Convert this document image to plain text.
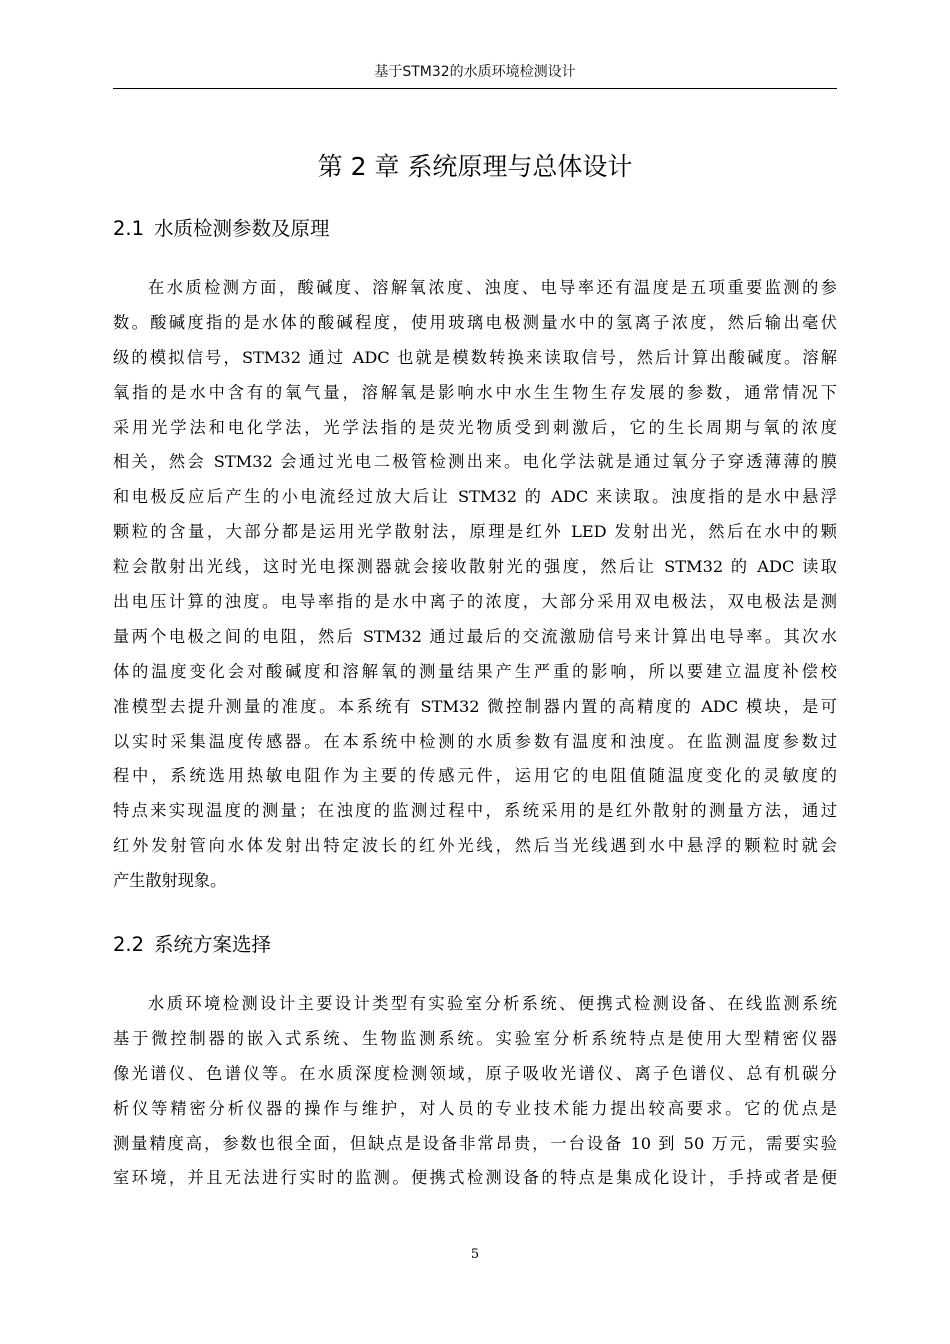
基于STM32的水质环境检测设计
第 2 章 系统原理与总体设计
2.1 水质检测参数及原理
在水质检测方面，酸碱度、溶解氧浓度、浊度、电导率还有温度是五项重要监测的参
数。酸碱度指的是水体的酸碱程度，使用玻璃电极测量水中的氢离子浓度，然后输出毫伏
级的模拟信号，STM32 通过 ADC 也就是模数转换来读取信号，然后计算出酸碱度。溶解
氧指的是水中含有的氧气量，溶解氧是影响水中水生生物生存发展的参数，通常情况下
采用光学法和电化学法，光学法指的是荧光物质受到刺激后，它的生长周期与氧的浓度
相关，然会 STM32 会通过光电二极管检测出来。电化学法就是通过氧分子穿透薄薄的膜
和电极反应后产生的小电流经过放大后让 STM32 的 ADC 来读取。浊度指的是水中悬浮
颗粒的含量，大部分都是运用光学散射法，原理是红外 LED 发射出光，然后在水中的颗
粒会散射出光线，这时光电探测器就会接收散射光的强度，然后让 STM32 的 ADC 读取
出电压计算的浊度。电导率指的是水中离子的浓度，大部分采用双电极法，双电极法是测
量两个电极之间的电阻，然后 STM32 通过最后的交流激励信号来计算出电导率。其次水
体的温度变化会对酸碱度和溶解氧的测量结果产生严重的影响，所以要建立温度补偿校
准模型去提升测量的准度。本系统有 STM32 微控制器内置的高精度的 ADC 模块，是可
以实时采集温度传感器。在本系统中检测的水质参数有温度和浊度。在监测温度参数过
程中，系统选用热敏电阻作为主要的传感元件，运用它的电阻值随温度变化的灵敏度的
特点来实现温度的测量；在浊度的监测过程中，系统采用的是红外散射的测量方法，通过
红外发射管向水体发射出特定波长的红外光线，然后当光线遇到水中悬浮的颗粒时就会
产生散射现象。
2.2 系统方案选择
水质环境检测设计主要设计类型有实验室分析系统、便携式检测设备、在线监测系统
基于微控制器的嵌入式系统、生物监测系统。实验室分析系统特点是使用大型精密仪器
像光谱仪、色谱仪等。在水质深度检测领域，原子吸收光谱仪、离子色谱仪、总有机碳分
析仪等精密分析仪器的操作与维护，对人员的专业技术能力提出较高要求。它的优点是
测量精度高，参数也很全面，但缺点是设备非常昂贵，一台设备 10 到 50 万元，需要实验
室环境，并且无法进行实时的监测。便携式检测设备的特点是集成化设计，手持或者是便
5
